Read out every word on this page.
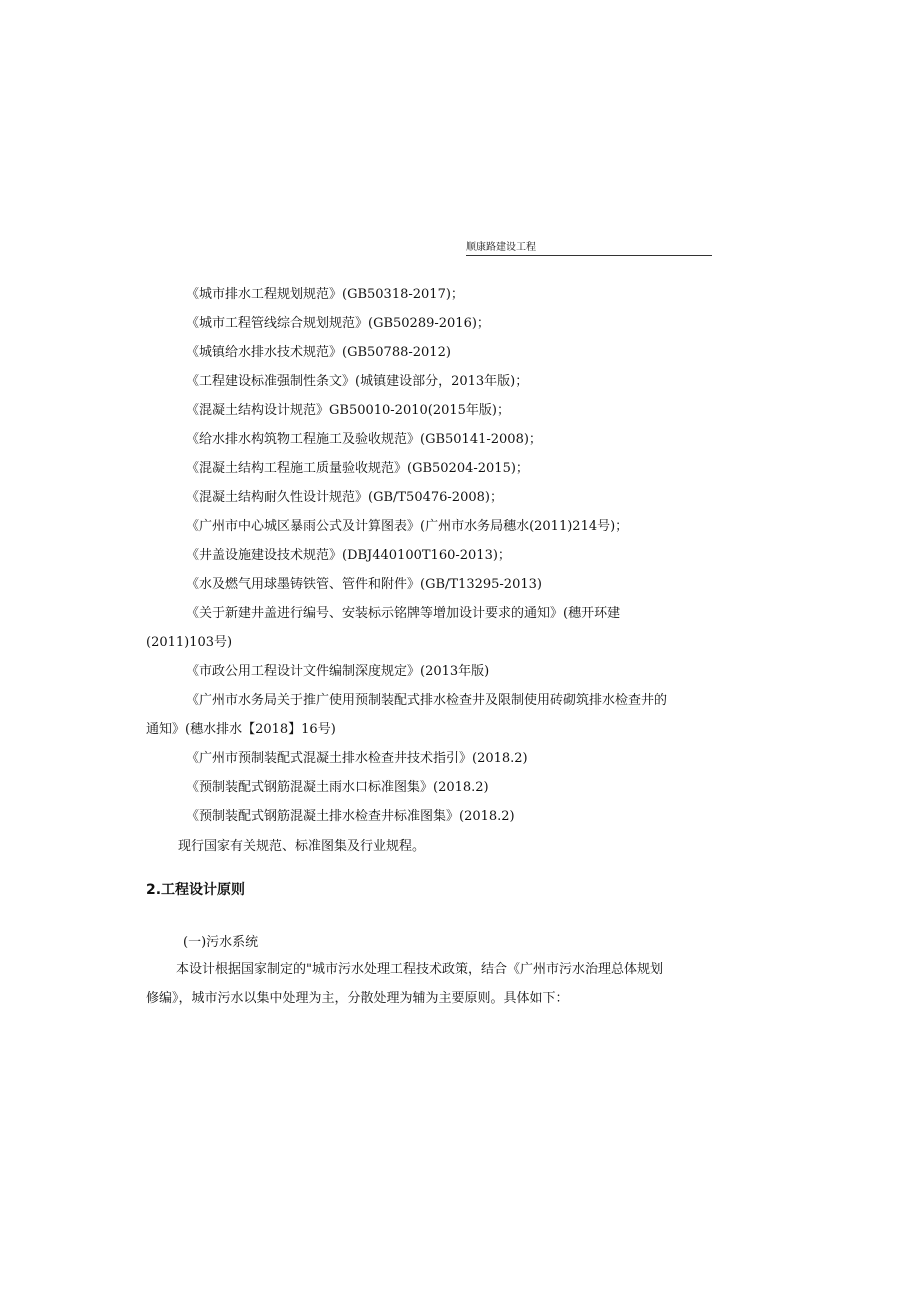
顺康路建设工程
《城市排水工程规划规范》(GB50318-2017)；
《城市工程管线综合规划规范》(GB50289-2016)；
《城镇给水排水技术规范》(GB50788-2012)
《工程建设标准强制性条文》(城镇建设部分，2013年版)；
《混凝土结构设计规范》GB50010-2010(2015年版)；
《给水排水构筑物工程施工及验收规范》(GB50141-2008)；
《混凝土结构工程施工质量验收规范》(GB50204-2015)；
《混凝土结构耐久性设计规范》(GB/T50476-2008)；
《广州市中心城区暴雨公式及计算图表》(广州市水务局穗水(2011)214号)；
《井盖设施建设技术规范》(DBJ440100T160-2013)；
《水及燃气用球墨铸铁管、管件和附件》(GB/T13295-2013)
《关于新建井盖进行编号、安装标示铭牌等增加设计要求的通知》(穗开环建
(2011)103号)
《市政公用工程设计文件编制深度规定》(2013年版)
《广州市水务局关于推广使用预制装配式排水检查井及限制使用砖砌筑排水检查井的
通知》(穗水排水【2018】16号)
《广州市预制装配式混凝土排水检查井技术指引》(2018.2)
《预制装配式钢筋混凝土雨水口标准图集》(2018.2)
《预制装配式钢筋混凝土排水检查井标准图集》(2018.2)
现行国家有关规范、标准图集及行业规程。
2.工程设计原则
(一)污水系统
本设计根据国家制定的"城市污水处理工程技术政策，结合《广州市污水治理总体规划
修编》，城市污水以集中处理为主，分散处理为辅为主要原则。具体如下：
